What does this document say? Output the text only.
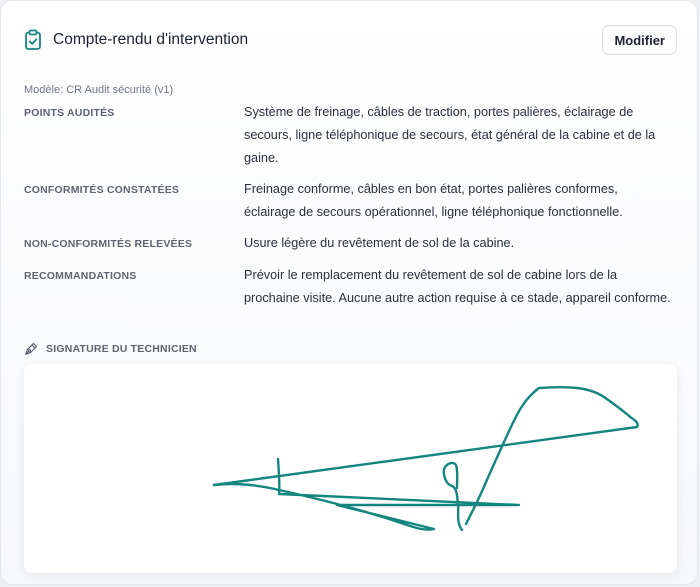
Compte-rendu d'intervention	Modifier
Modèle: CR Audit sécurité (v1)
POINTS AUDITÉS	Système de freinage, câbles de traction, portes palières, éclairage de secours, ligne téléphonique de secours, état général de la cabine et de la gaine.
CONFORMITÉS CONSTATÉES	Freinage conforme, câbles en bon état, portes palières conformes, éclairage de secours opérationnel, ligne téléphonique fonctionnelle.
NON-CONFORMITÉS RELEVÉES	Usure légère du revêtement de sol de la cabine.
RECOMMANDATIONS	Prévoir le remplacement du revêtement de sol de cabine lors de la prochaine visite. Aucune autre action requise à ce stade, appareil conforme.
SIGNATURE DU TECHNICIEN
